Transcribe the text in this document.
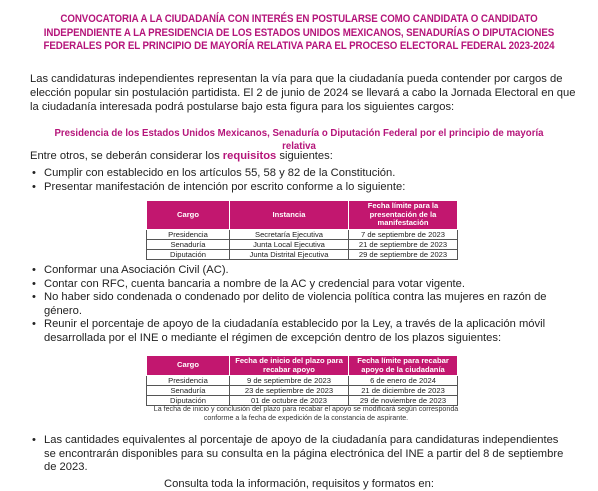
CONVOCATORIA A LA CIUDADANÍA CON INTERÉS EN POSTULARSE COMO CANDIDATA O CANDIDATO INDEPENDIENTE A LA PRESIDENCIA DE LOS ESTADOS UNIDOS MEXICANOS, SENADURÍAS O DIPUTACIONES FEDERALES POR EL PRINCIPIO DE MAYORÍA RELATIVA PARA EL PROCESO ELECTORAL FEDERAL 2023-2024
Las candidaturas independientes representan la vía para que la ciudadanía pueda contender por cargos de elección popular sin postulación partidista. El 2 de junio de 2024 se llevará a cabo la Jornada Electoral en que la ciudadanía interesada podrá postularse bajo esta figura para los siguientes cargos:
Presidencia de los Estados Unidos Mexicanos, Senaduría o Diputación Federal por el principio de mayoría relativa
Entre otros, se deberán considerar los requisitos siguientes:
• Cumplir con establecido en los artículos 55, 58 y 82 de la Constitución.
• Presentar manifestación de intención por escrito conforme a lo siguiente:
Cargo	Instancia	Fecha límite para la presentación de la manifestación
Presidencia	Secretaría Ejecutiva	7 de septiembre de 2023
Senaduría	Junta Local Ejecutiva	21 de septiembre de 2023
Diputación	Junta Distrital Ejecutiva	29 de septiembre de 2023
• Conformar una Asociación Civil (AC).
• Contar con RFC, cuenta bancaria a nombre de la AC y credencial para votar vigente.
• No haber sido condenada o condenado por delito de violencia política contra las mujeres en razón de género.
• Reunir el porcentaje de apoyo de la ciudadanía establecido por la Ley, a través de la aplicación móvil desarrollada por el INE o mediante el régimen de excepción dentro de los plazos siguientes:
Cargo	Fecha de inicio del plazo para recabar apoyo	Fecha límite para recabar apoyo de la ciudadanía
Presidencia	9 de septiembre de 2023	6 de enero de 2024
Senaduría	23 de septiembre de 2023	21 de diciembre de 2023
Diputación	01 de octubre de 2023	29 de noviembre de 2023
La fecha de inicio y conclusión del plazo para recabar el apoyo se modificará según corresponda conforme a la fecha de expedición de la constancia de aspirante.
• Las cantidades equivalentes al porcentaje de apoyo de la ciudadanía para candidaturas independientes se encontrarán disponibles para su consulta en la página electrónica del INE a partir del 8 de septiembre de 2023.
Consulta toda la información, requisitos y formatos en:
